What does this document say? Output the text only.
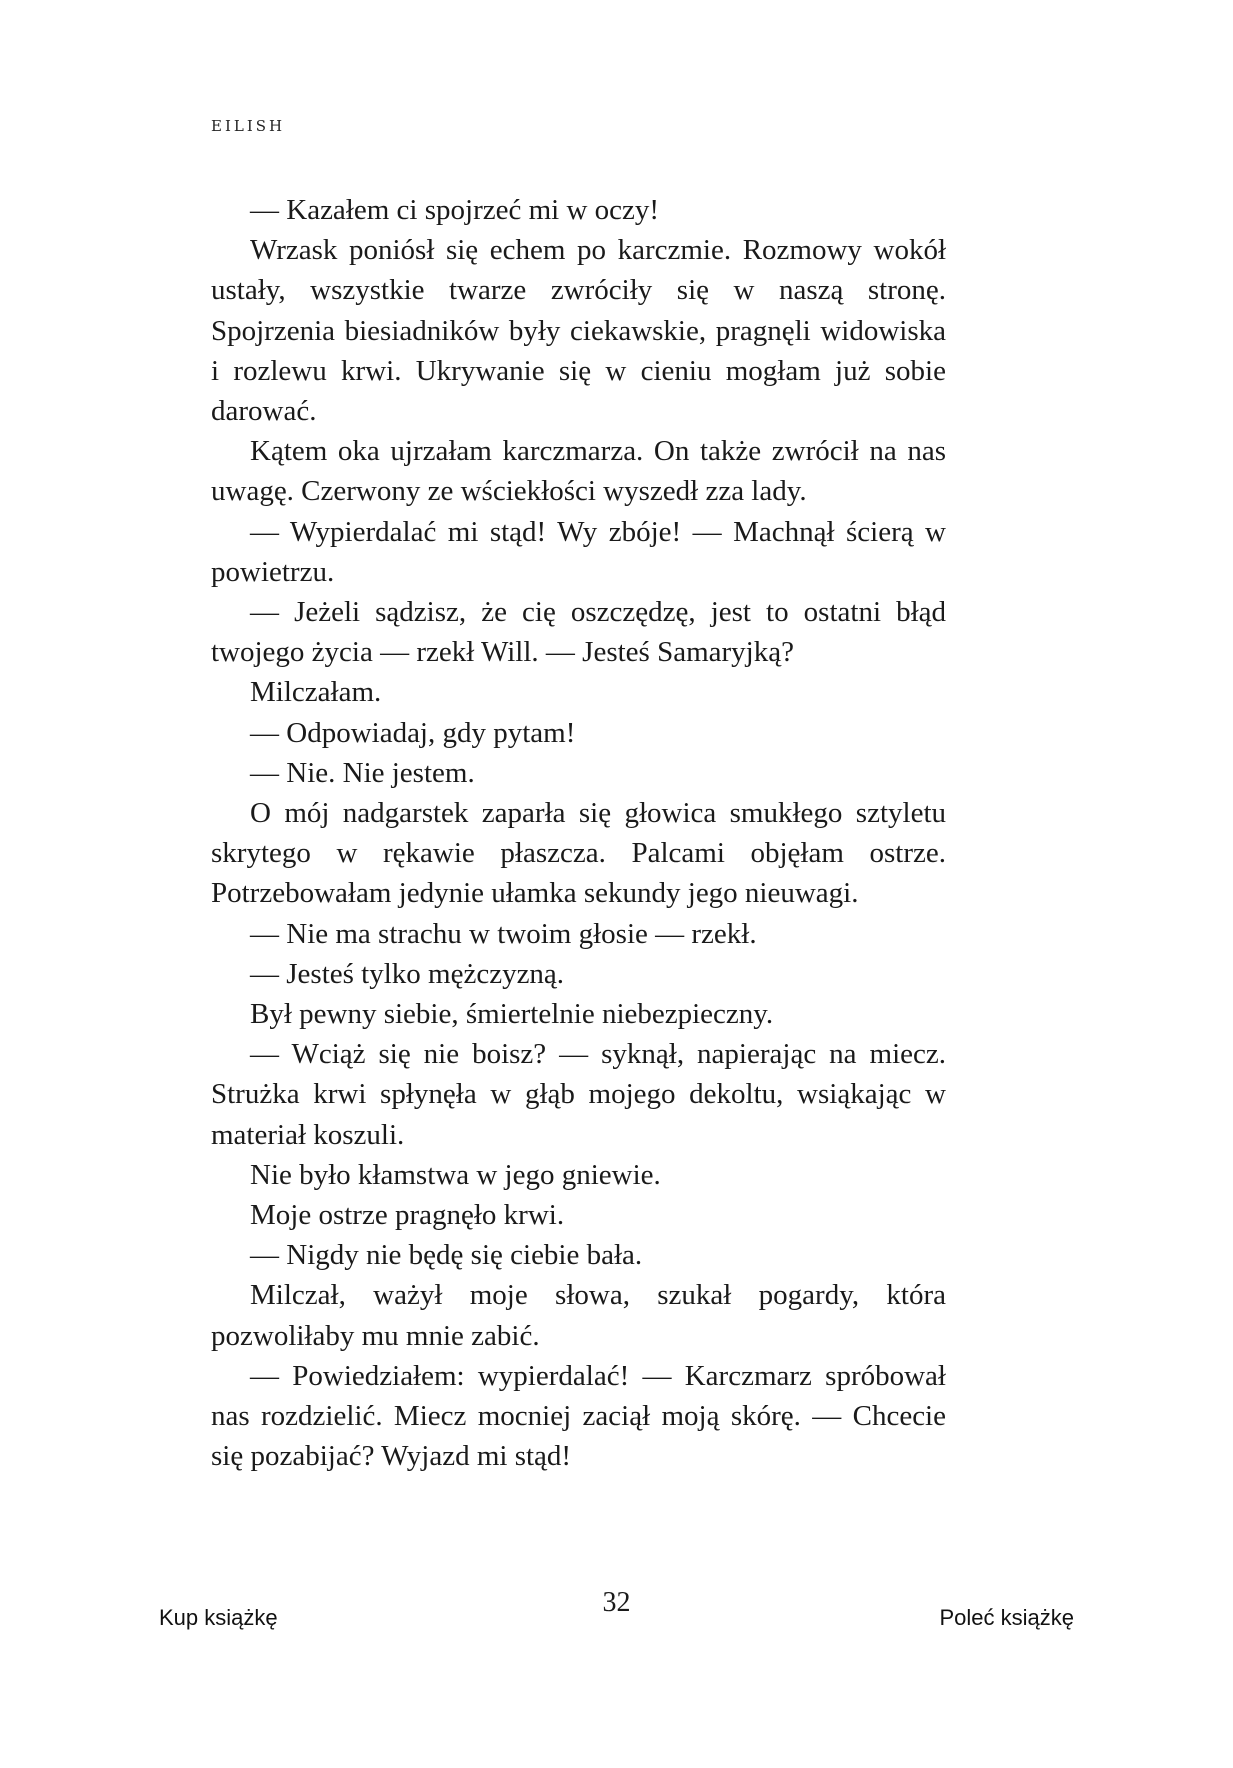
EILISH

— Kazałem ci spojrzeć mi w oczy!

Wrzask poniósł się echem po karczmie. Rozmowy wokół ustały, wszystkie twarze zwróciły się w naszą stronę. Spojrzenia biesiadników były ciekawskie, pragnęli widowiska i rozlewu krwi. Ukrywanie się w cieniu mogłam już sobie darować.

Kątem oka ujrzałam karczmarza. On także zwrócił na nas uwagę. Czerwony ze wściekłości wyszedł zza lady.

— Wypierdalać mi stąd! Wy zbóje! — Machnął ścierą w powietrzu.

— Jeżeli sądzisz, że cię oszczędzę, jest to ostatni błąd twojego życia — rzekł Will. — Jesteś Samaryjką?

Milczałam.

— Odpowiadaj, gdy pytam!

— Nie. Nie jestem.

O mój nadgarstek zaparła się głowica smukłego sztyletu skrytego w rękawie płaszcza. Palcami objęłam ostrze. Potrzebowałam jedynie ułamka sekundy jego nieuwagi.

— Nie ma strachu w twoim głosie — rzekł.

— Jesteś tylko mężczyzną.

Był pewny siebie, śmiertelnie niebezpieczny.

— Wciąż się nie boisz? — syknął, napierając na miecz. Strużka krwi spłynęła w głąb mojego dekoltu, wsiąkając w materiał koszuli.

Nie było kłamstwa w jego gniewie.

Moje ostrze pragnęło krwi.

— Nigdy nie będę się ciebie bała.

Milczał, ważył moje słowa, szukał pogardy, która pozwoliłaby mu mnie zabić.

— Powiedziałem: wypierdalać! — Karczmarz spróbował nas rozdzielić. Miecz mocniej zaciął moją skórę. — Chcecie się pozabijać? Wyjazd mi stąd!

32
Kup książkę	Poleć książkę
